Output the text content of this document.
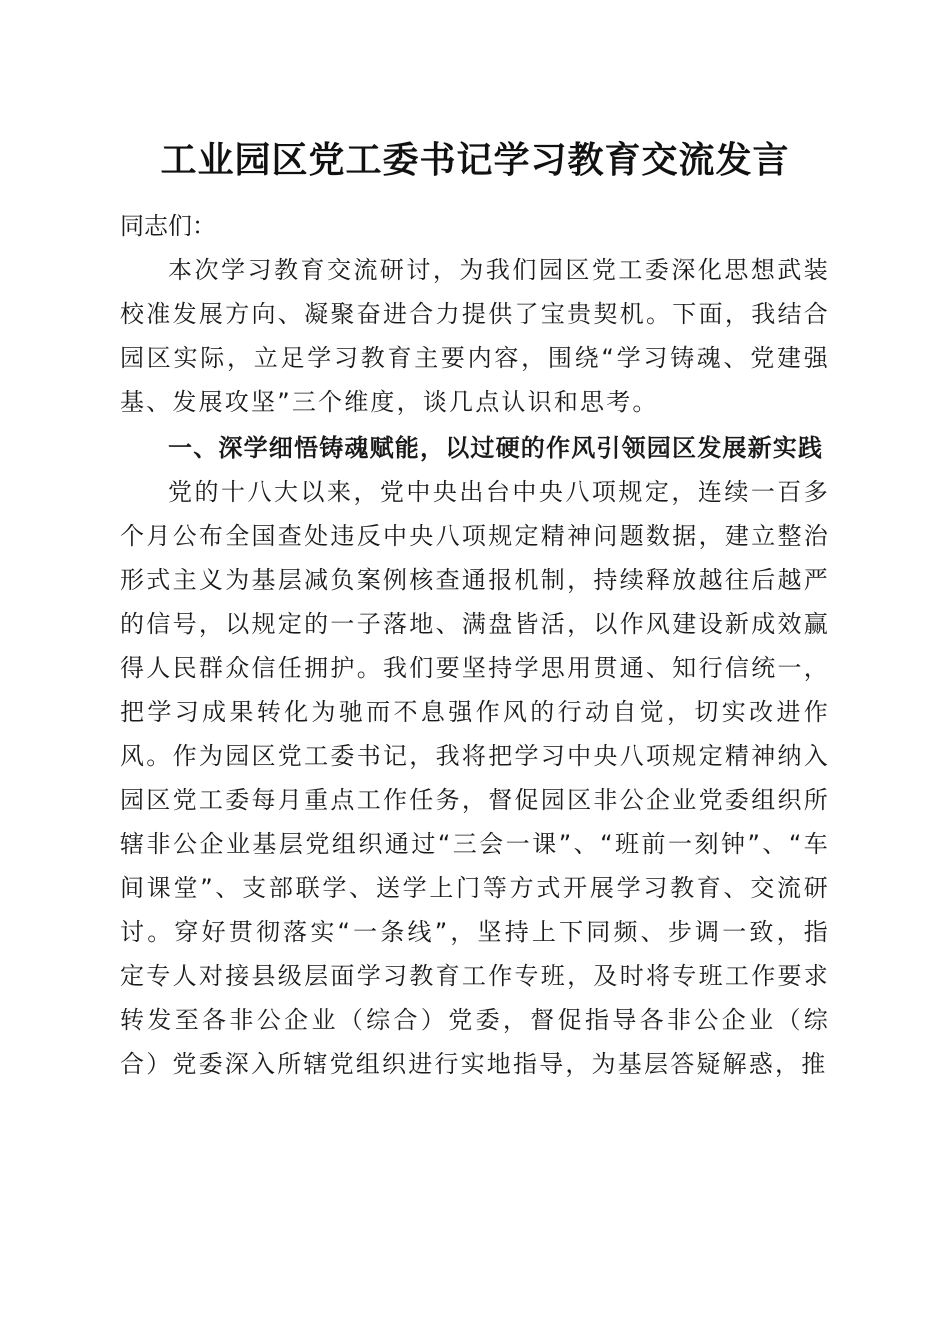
工业园区党工委书记学习教育交流发言

同志们：

本次学习教育交流研讨，为我们园区党工委深化思想武装校准发展方向、凝聚奋进合力提供了宝贵契机。下面，我结合园区实际，立足学习教育主要内容，围绕“学习铸魂、党建强基、发展攻坚”三个维度，谈几点认识和思考。

一、深学细悟铸魂赋能，以过硬的作风引领园区发展新实践

党的十八大以来，党中央出台中央八项规定，连续一百多个月公布全国查处违反中央八项规定精神问题数据，建立整治形式主义为基层减负案例核查通报机制，持续释放越往后越严的信号，以规定的一子落地、满盘皆活，以作风建设新成效赢得人民群众信任拥护。我们要坚持学思用贯通、知行信统一，把学习成果转化为驰而不息强作风的行动自觉，切实改进作风。作为园区党工委书记，我将把学习中央八项规定精神纳入园区党工委每月重点工作任务，督促园区非公企业党委组织所辖非公企业基层党组织通过“三会一课”、“班前一刻钟”、“车间课堂”、支部联学、送学上门等方式开展学习教育、交流研讨。穿好贯彻落实“一条线”，坚持上下同频、步调一致，指定专人对接县级层面学习教育工作专班，及时将专班工作要求转发至各非公企业（综合）党委，督促指导各非公企业（综合）党委深入所辖党组织进行实地指导，为基层答疑解惑，推
